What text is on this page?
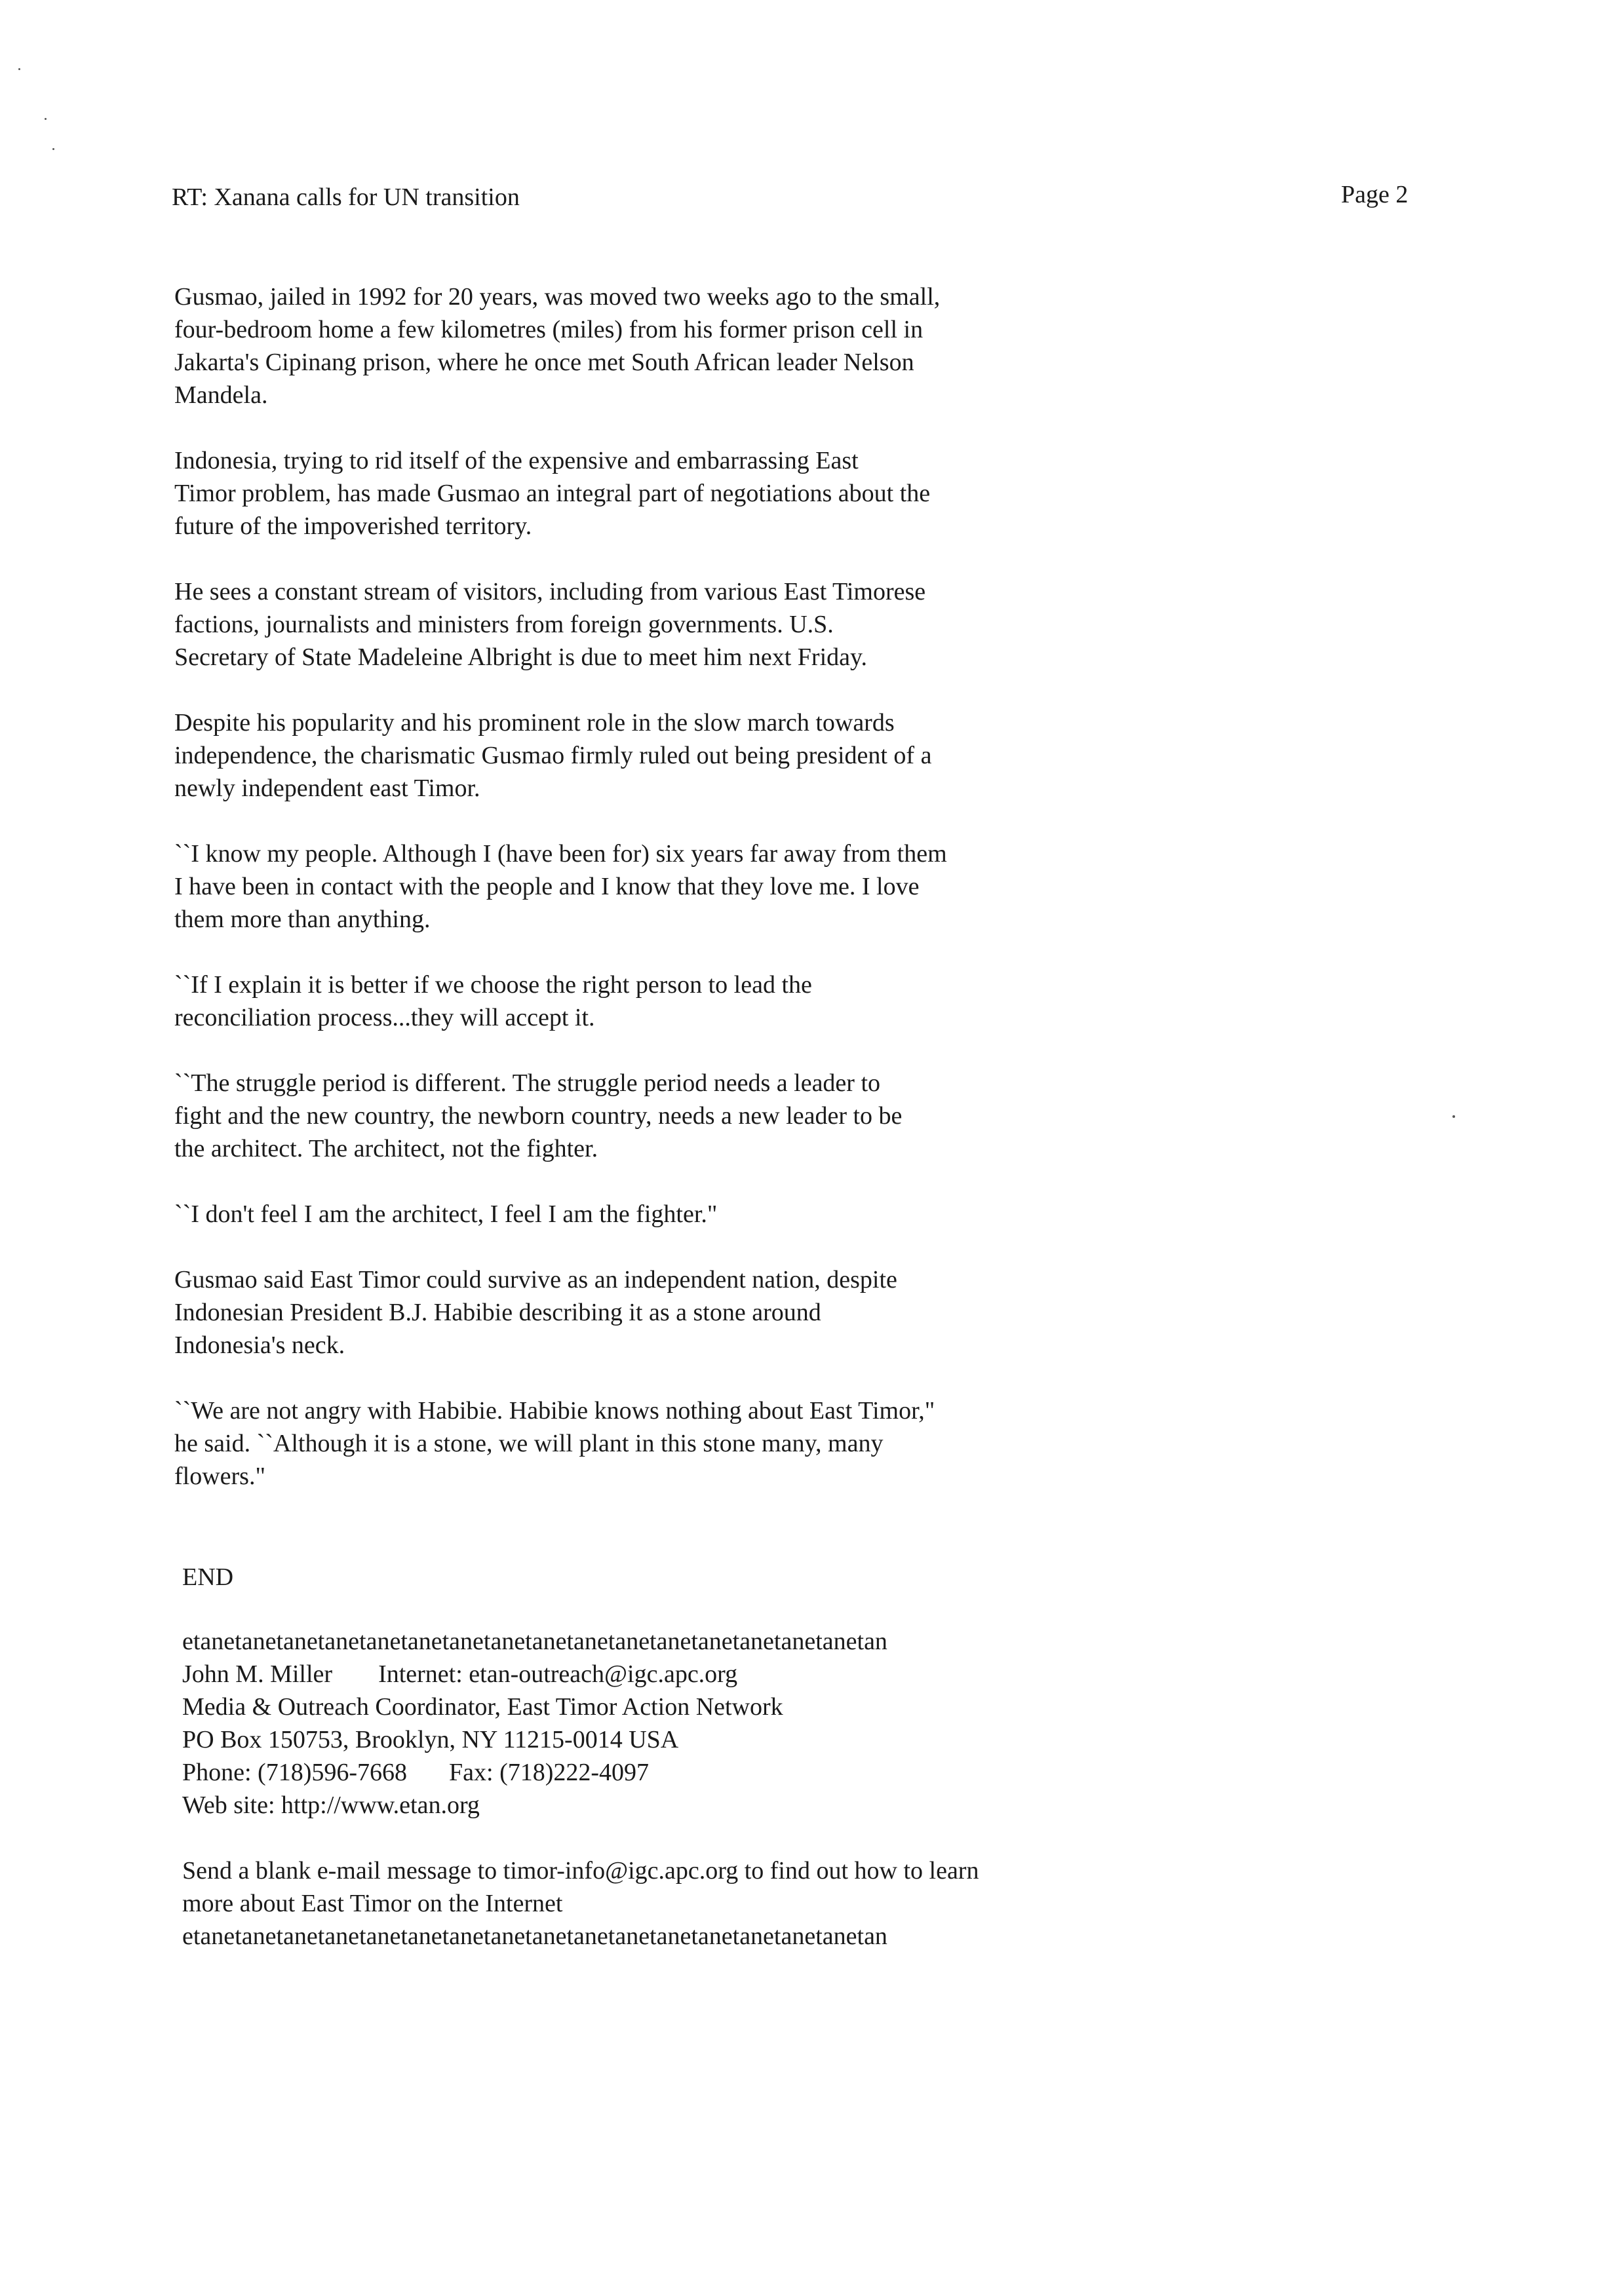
RT: Xanana calls for UN transition	Page 2

Gusmao, jailed in 1992 for 20 years, was moved two weeks ago to the small,
four-bedroom home a few kilometres (miles) from his former prison cell in
Jakarta's Cipinang prison, where he once met South African leader Nelson
Mandela.

Indonesia, trying to rid itself of the expensive and embarrassing East
Timor problem, has made Gusmao an integral part of negotiations about the
future of the impoverished territory.

He sees a constant stream of visitors, including from various East Timorese
factions, journalists and ministers from foreign governments. U.S.
Secretary of State Madeleine Albright is due to meet him next Friday.

Despite his popularity and his prominent role in the slow march towards
independence, the charismatic Gusmao firmly ruled out being president of a
newly independent east Timor.

``I know my people. Although I (have been for) six years far away from them
I have been in contact with the people and I know that they love me. I love
them more than anything.

``If I explain it is better if we choose the right person to lead the
reconciliation process...they will accept it.

``The struggle period is different. The struggle period needs a leader to
fight and the new country, the newborn country, needs a new leader to be
the architect. The architect, not the fighter.

``I don't feel I am the architect, I feel I am the fighter."

Gusmao said East Timor could survive as an independent nation, despite
Indonesian President B.J. Habibie describing it as a stone around
Indonesia's neck.

``We are not angry with Habibie. Habibie knows nothing about East Timor,"
he said. ``Although it is a stone, we will plant in this stone many, many
flowers."

END
etanetanetanetanetanetanetanetanetanetanetanetanetanetanetanetanetan
John M. Miller Internet: etan-outreach@igc.apc.org
Media & Outreach Coordinator, East Timor Action Network
PO Box 150753, Brooklyn, NY 11215-0014 USA
Phone: (718)596-7668 Fax: (718)222-4097
Web site: http://www.etan.org
Send a blank e-mail message to timor-info@igc.apc.org to find out how to learn
more about East Timor on the Internet
etanetanetanetanetanetanetanetanetanetanetanetanetanetanetanetanetan
